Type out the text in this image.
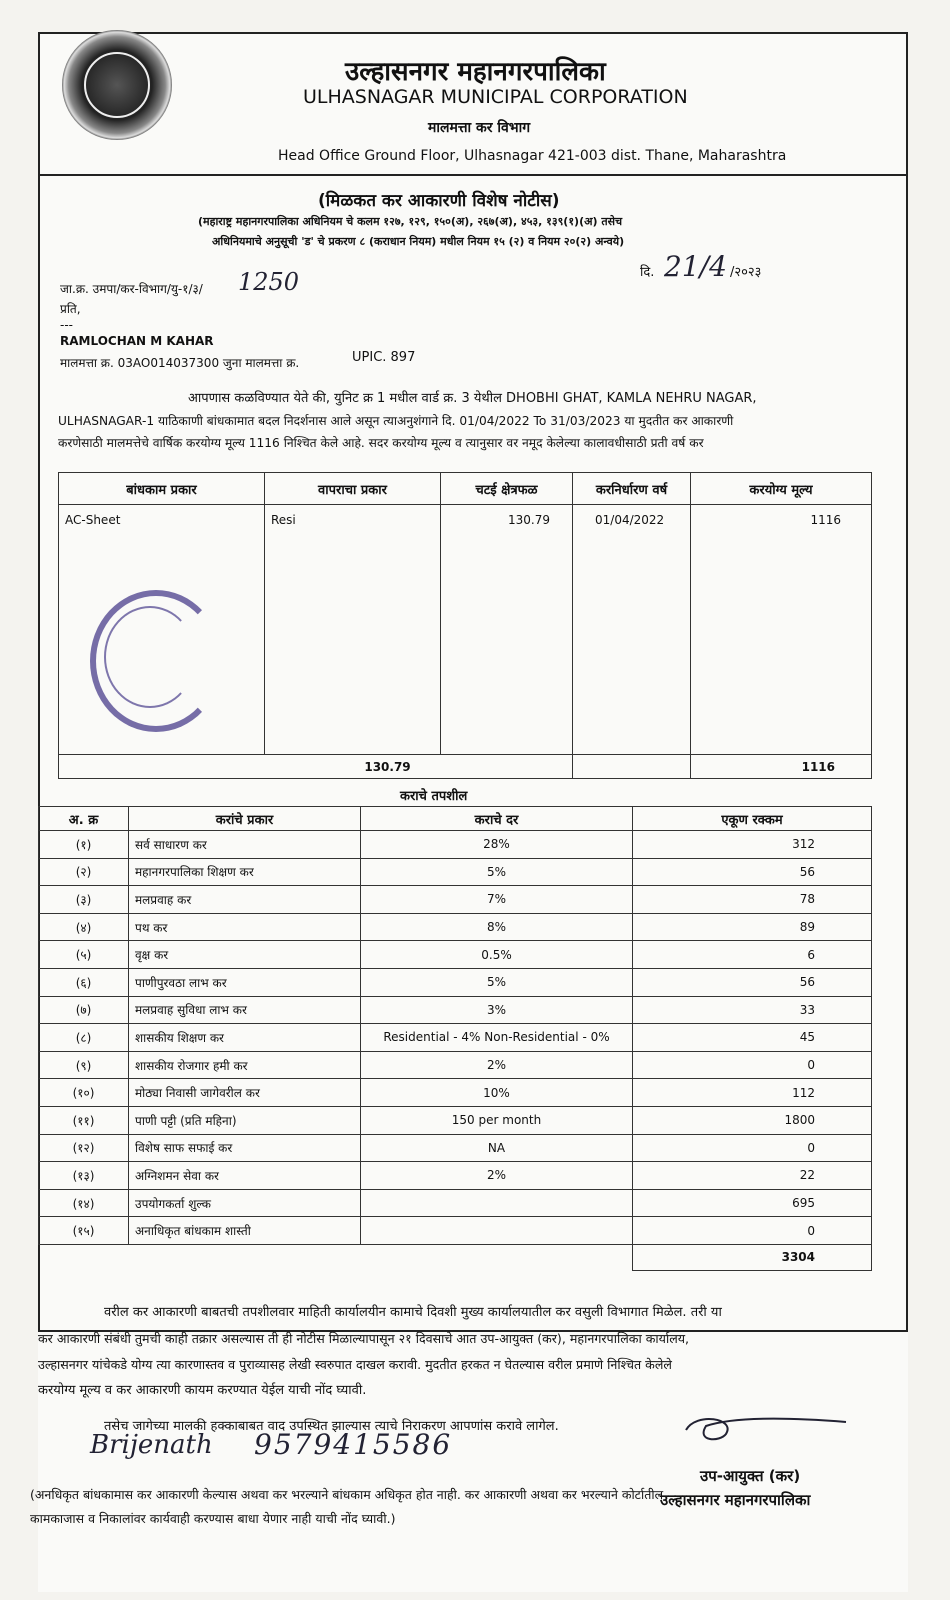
उल्हासनगर महानगरपालिका
ULHASNAGAR MUNICIPAL CORPORATION
मालमत्ता कर विभाग
Head Office Ground Floor, Ulhasnagar 421-003 dist. Thane, Maharashtra
(मिळकत कर आकारणी विशेष नोटीस)
(महाराष्ट्र महानगरपालिका अधिनियम चे कलम १२७, १२९, १५०(अ), २६७(अ), ४५३, १३९(१)(अ) तसेच
अधिनियमाचे अनुसूची 'ड' चे प्रकरण ८ (कराधान नियम) मधील नियम १५ (२) व नियम २०(२) अन्वये)
जा.क्र. उमपा/कर-विभाग/यु-१/३/ 1250	दि. 21/4 /२०२३
प्रति,
---
RAMLOCHAN M KAHAR
मालमत्ता क्र. 03AO014037300 जुना मालमत्ता क्र.	UPIC. 897
आपणास कळविण्यात येते की, युनिट क्र 1 मधील वार्ड क्र. 3 येथील DHOBHI GHAT, KAMLA NEHRU NAGAR,
ULHASNAGAR-1 याठिकाणी बांधकामात बदल निदर्शनास आले असून त्याअनुशंगाने दि. 01/04/2022 To 31/03/2023 या मुदतीत कर आकारणी
करणेसाठी मालमत्तेचे वार्षिक करयोग्य मूल्य 1116 निश्चित केले आहे. सदर करयोग्य मूल्य व त्यानुसार वर नमूद केलेल्या कालावधीसाठी प्रती वर्ष कर
बांधकाम प्रकार	वापराचा प्रकार	चटई क्षेत्रफळ	करनिर्धारण वर्ष	करयोग्य मूल्य
AC-Sheet	Resi	130.79	01/04/2022	1116
130.79				1116
कराचे तपशील
अ. क्र	करांचे प्रकार	कराचे दर	एकूण रक्कम
(१)	सर्व साधारण कर	28%	312
(२)	महानगरपालिका शिक्षण कर	5%	56
(३)	मलप्रवाह कर	7%	78
(४)	पथ कर	8%	89
(५)	वृक्ष कर	0.5%	6
(६)	पाणीपुरवठा लाभ कर	5%	56
(७)	मलप्रवाह सुविधा लाभ कर	3%	33
(८)	शासकीय शिक्षण कर	Residential - 4% Non-Residential - 0%	45
(९)	शासकीय रोजगार हमी कर	2%	0
(१०)	मोठ्या निवासी जागेवरील कर	10%	112
(११)	पाणी पट्टी (प्रति महिना)	150 per month	1800
(१२)	विशेष साफ सफाई कर	NA	0
(१३)	अग्निशमन सेवा कर	2%	22
(१४)	उपयोगकर्ता शुल्क		695
(१५)	अनाधिकृत बांधकाम शास्ती		0
			3304
वरील कर आकारणी बाबतची तपशीलवार माहिती कार्यालयीन कामाचे दिवशी मुख्य कार्यालयातील कर वसुली विभागात मिळेल. तरी या
कर आकारणी संबंधी तुमची काही तक्रार असल्यास ती ही नोटीस मिळाल्यापासून २१ दिवसाचे आत उप-आयुक्त (कर), महानगरपालिका कार्यालय,
उल्हासनगर यांचेकडे योग्य त्या कारणास्तव व पुराव्यासह लेखी स्वरुपात दाखल करावी. मुदतीत हरकत न घेतल्यास वरील प्रमाणे निश्चित केलेले
करयोग्य मूल्य व कर आकारणी कायम करण्यात येईल याची नोंद घ्यावी.
तसेच जागेच्या मालकी हक्काबाबत वाद उपस्थित झाल्यास त्याचे निराकरण आपणांस करावे लागेल.
Brijenath 9579415586
उप-आयुक्त (कर)
उल्हासनगर महानगरपालिका
(अनधिकृत बांधकामास कर आकारणी केल्यास अथवा कर भरल्याने बांधकाम अधिकृत होत नाही. कर आकारणी अथवा कर भरल्याने कोर्टातील
कामकाजास व निकालांवर कार्यवाही करण्यास बाधा येणार नाही याची नोंद घ्यावी.)
